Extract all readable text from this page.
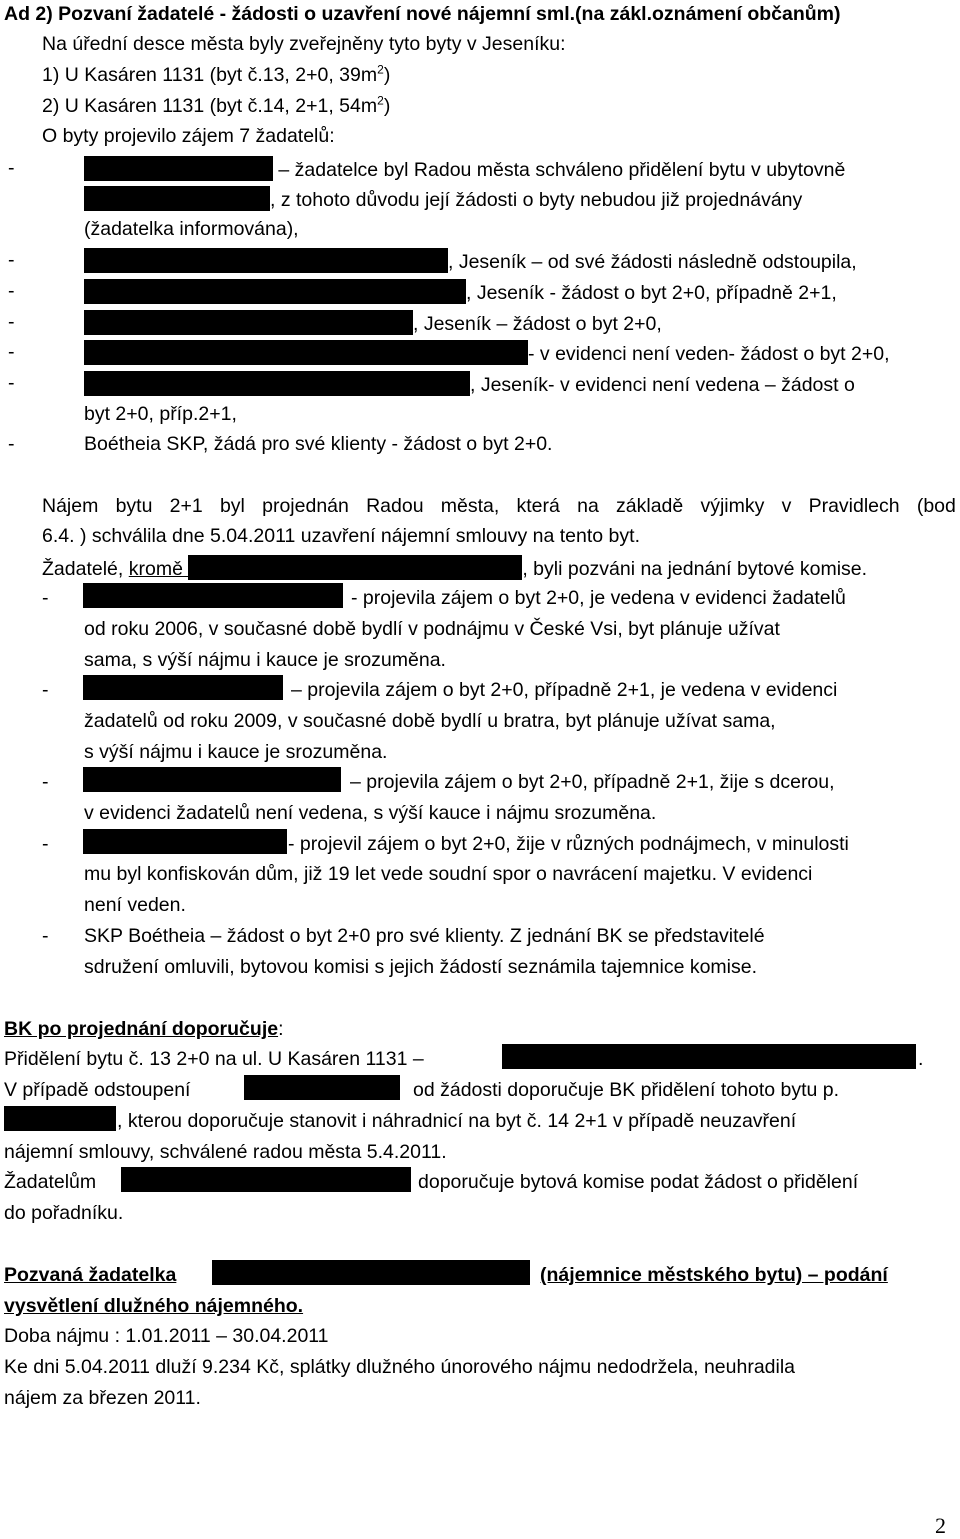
Ad 2) Pozvaní žadatelé - žádosti o uzavření nové nájemní sml.(na zákl.oznámení občanům)
Na úřední desce města byly zveřejněny tyto byty v Jeseníku:
1) U Kasáren 1131 (byt č.13, 2+0, $39m^2$)
2) U Kasáren 1131 (byt č.14, 2+1, $54m^2$)
O byty projevilo zájem 7 žadatelů:
-	– žadatelce byl Radou města schváleno přidělení bytu v ubytovně
, z tohoto důvodu její žádosti o byty nebudou již projednávány
(žadatelka informována),
-	, Jeseník – od své žádosti následně odstoupila,
-	, Jeseník - žádost o byt 2+0, případně 2+1,
-	, Jeseník – žádost o byt 2+0,
-	- v evidenci není veden- žádost o byt 2+0,
-	, Jeseník- v evidenci není vedena – žádost o
byt 2+0, příp.2+1,
-	Boétheia SKP, žádá pro své klienty - žádost o byt 2+0.
Nájem bytu 2+1 byl projednán Radou města, která na základě výjimky v Pravidlech (bod
6.4. ) schválila dne 5.04.2011 uzavření nájemní smlouvy na tento byt.
Žadatelé, kromě	, byli pozváni na jednání bytové komise.
-	- projevila zájem o byt 2+0, je vedena v evidenci žadatelů
od roku 2006, v současné době bydlí v podnájmu v České Vsi, byt plánuje užívat
sama, s výší nájmu i kauce je srozuměna.
-	– projevila zájem o byt 2+0, případně 2+1, je vedena v evidenci
žadatelů od roku 2009, v současné době bydlí u bratra, byt plánuje užívat sama,
s výší nájmu i kauce je srozuměna.
-	– projevila zájem o byt 2+0, případně 2+1, žije s dcerou,
v evidenci žadatelů není vedena, s výší kauce i nájmu srozuměna.
-	- projevil zájem o byt 2+0, žije v různých podnájmech, v minulosti
mu byl konfiskován dům, již 19 let vede soudní spor o navrácení majetku. V evidenci
není veden.
- SKP Boétheia – žádost o byt 2+0 pro své klienty. Z jednání BK se představitelé
sdružení omluvili, bytovou komisi s jejich žádostí seznámila tajemnice komise.
BK po projednání doporučuje:
Přidělení bytu č. 13 2+0 na ul. U Kasáren 1131 –	.
V případě odstoupení	od žádosti doporučuje BK přidělení tohoto bytu p.
, kterou doporučuje stanovit i náhradnicí na byt č. 14 2+1 v případě neuzavření
nájemní smlouvy, schválené radou města 5.4.2011.
Žadatelům	doporučuje bytová komise podat žádost o přidělení
do pořadníku.
Pozvaná žadatelka	(nájemnice městského bytu) – podání
vysvětlení dlužného nájemného.
Doba nájmu : 1.01.2011 – 30.04.2011
Ke dni 5.04.2011 dluží 9.234 Kč, splátky dlužného únorového nájmu nedodržela, neuhradila
nájem za březen 2011.
2
